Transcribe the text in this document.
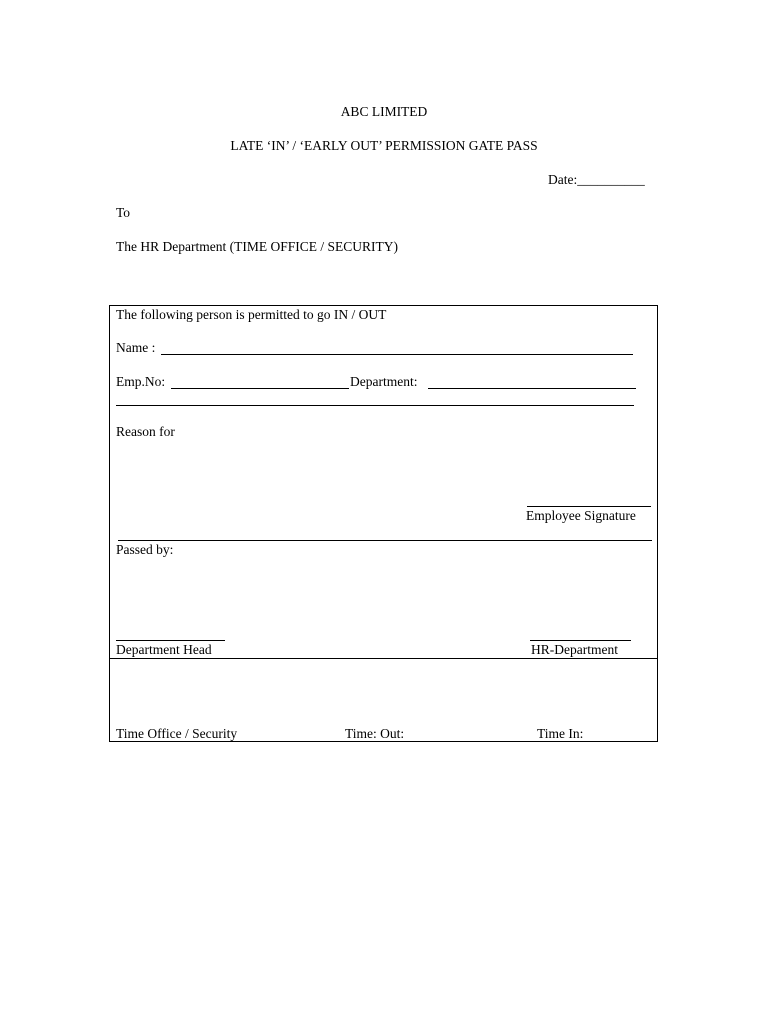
ABC LIMITED
LATE ‘IN’ / ‘EARLY OUT’ PERMISSION GATE PASS
Date:__________
To
The HR Department (TIME OFFICE / SECURITY)
The following person is permitted to go IN / OUT
Name :
Emp.No:	Department:
Reason for
Employee Signature
Passed by:
Department Head	HR-Department
Time Office / Security	Time: Out:	Time In:
